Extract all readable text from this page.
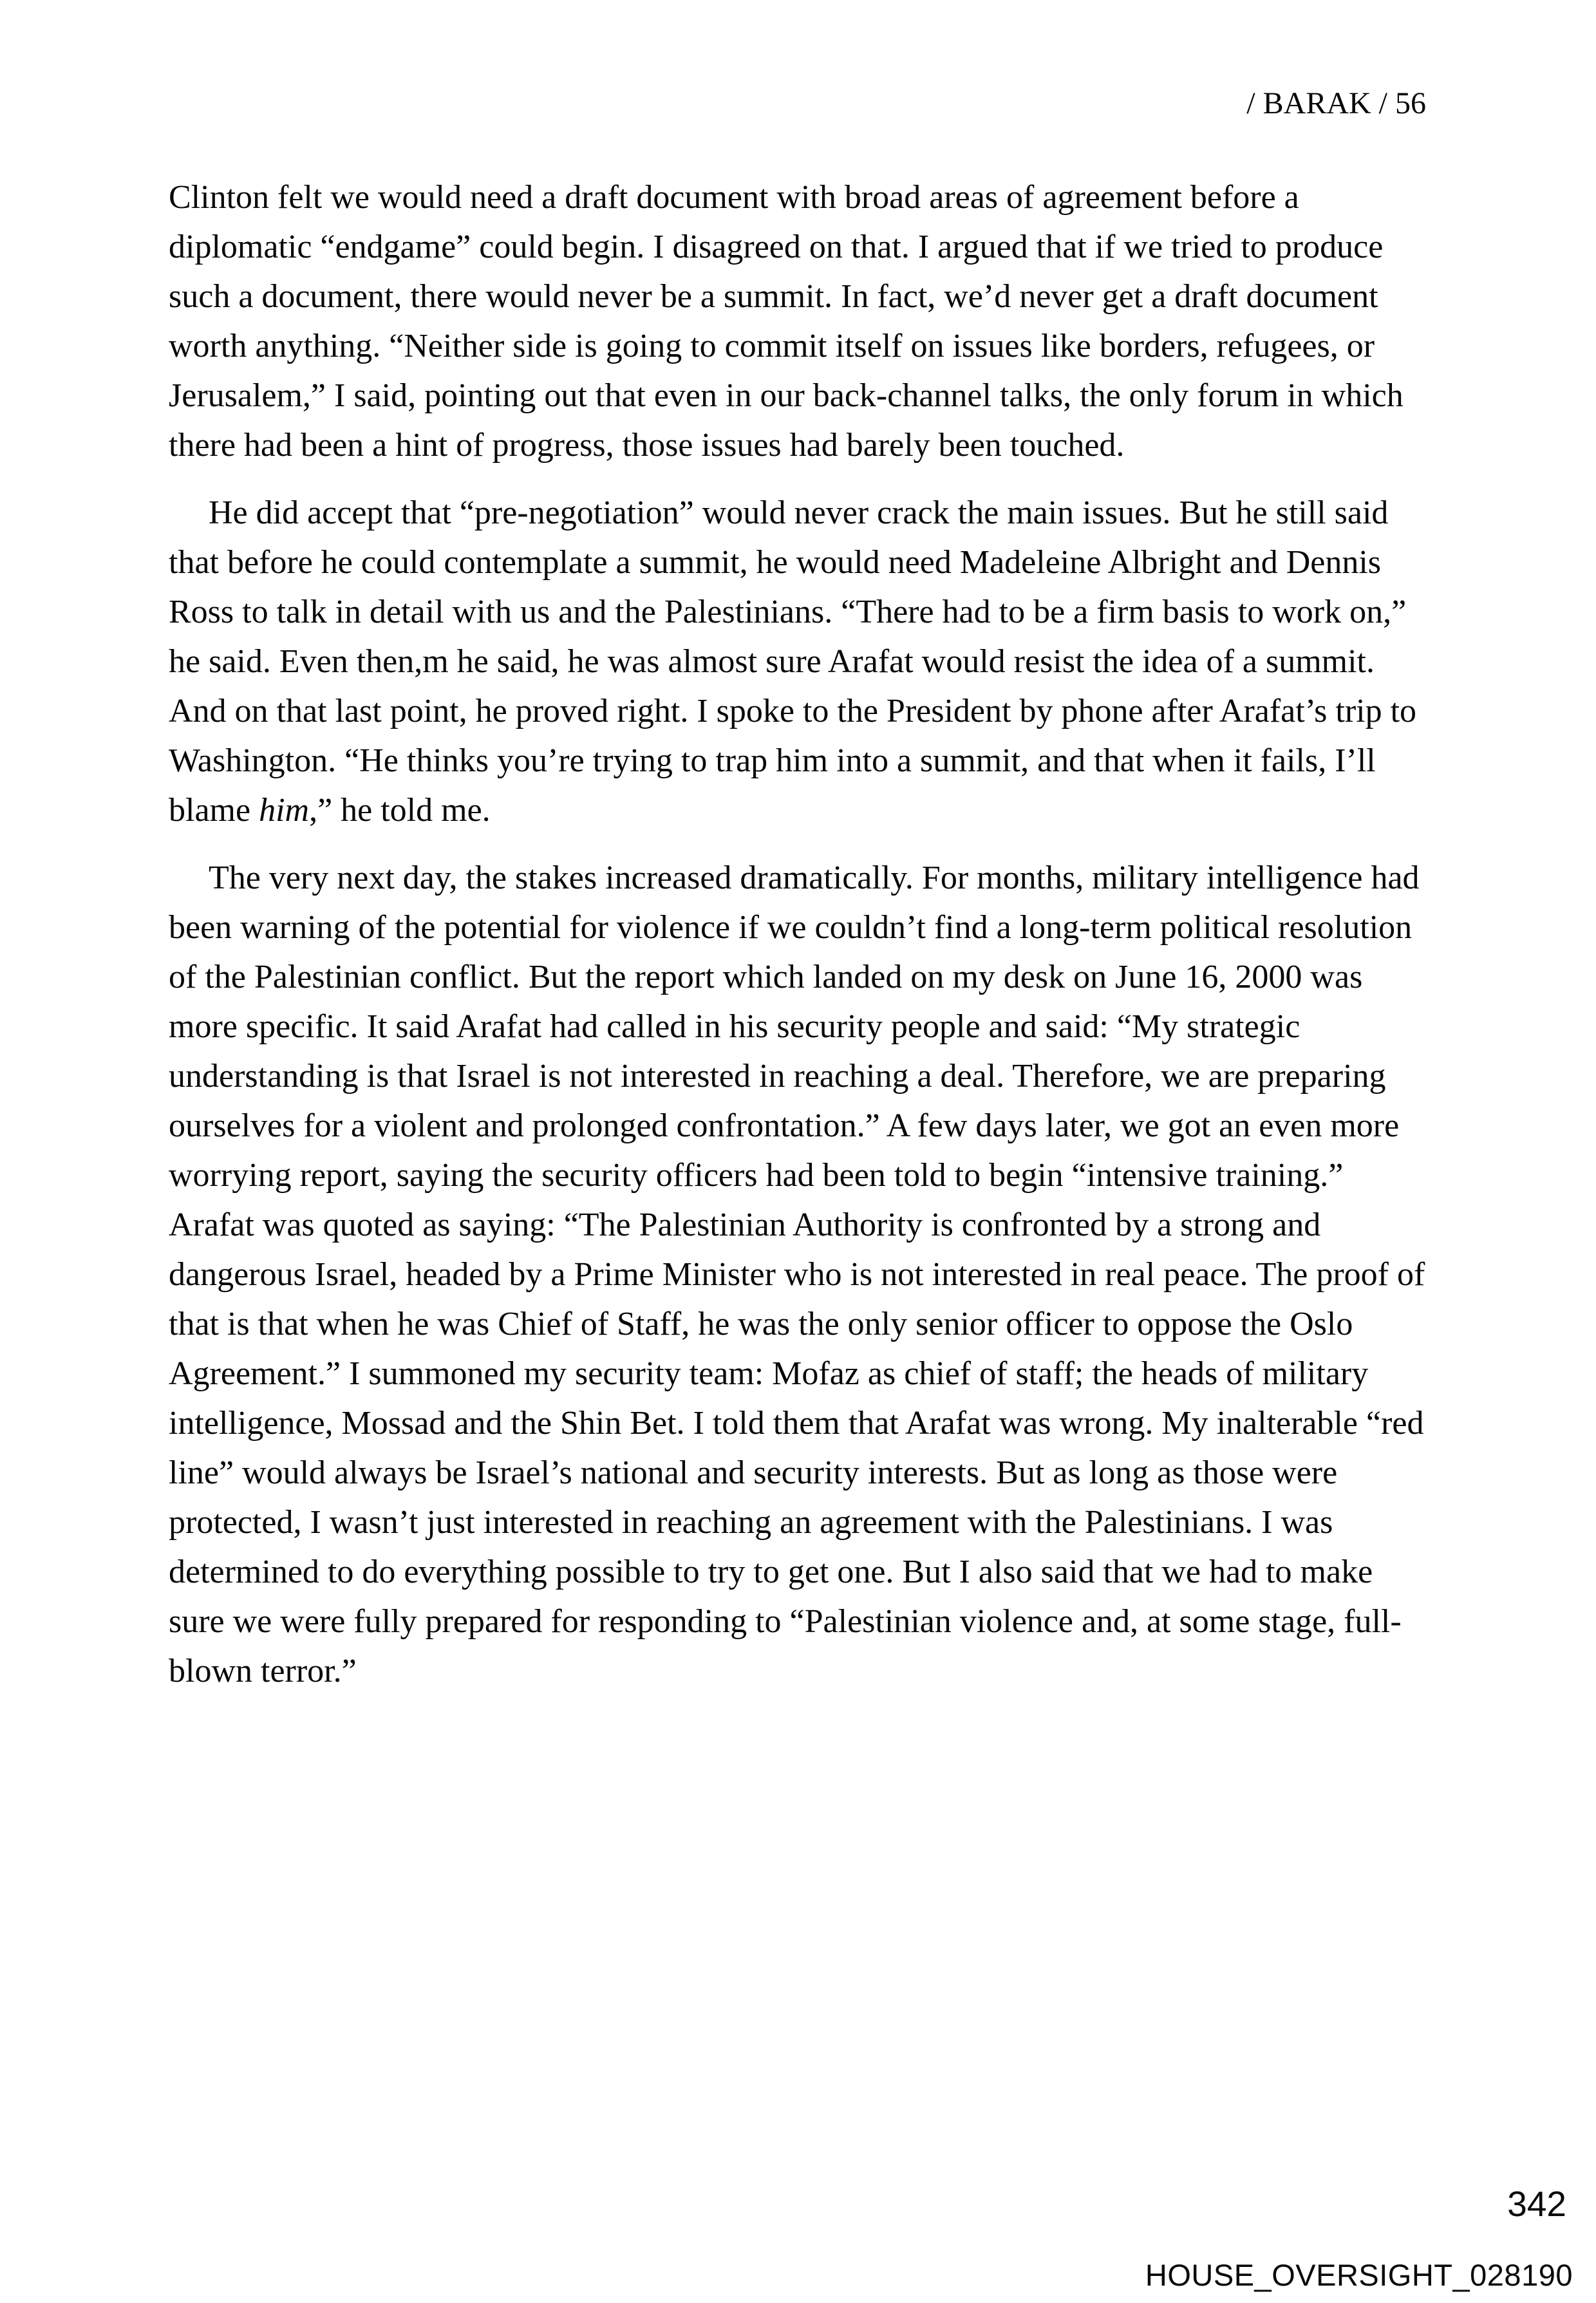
/ BARAK / 56

Clinton felt we would need a draft document with broad areas of agreement before a diplomatic “endgame” could begin. I disagreed on that. I argued that if we tried to produce such a document, there would never be a summit. In fact, we’d never get a draft document worth anything. “Neither side is going to commit itself on issues like borders, refugees, or Jerusalem,” I said, pointing out that even in our back-channel talks, the only forum in which there had been a hint of progress, those issues had barely been touched.

He did accept that “pre-negotiation” would never crack the main issues. But he still said that before he could contemplate a summit, he would need Madeleine Albright and Dennis Ross to talk in detail with us and the Palestinians. “There had to be a firm basis to work on,” he said. Even then,m he said, he was almost sure Arafat would resist the idea of a summit. And on that last point, he proved right. I spoke to the President by phone after Arafat’s trip to Washington. “He thinks you’re trying to trap him into a summit, and that when it fails, I’ll blame him,” he told me.

The very next day, the stakes increased dramatically. For months, military intelligence had been warning of the potential for violence if we couldn’t find a long-term political resolution of the Palestinian conflict. But the report which landed on my desk on June 16, 2000 was more specific. It said Arafat had called in his security people and said: “My strategic understanding is that Israel is not interested in reaching a deal. Therefore, we are preparing ourselves for a violent and prolonged confrontation.” A few days later, we got an even more worrying report, saying the security officers had been told to begin “intensive training.” Arafat was quoted as saying: “The Palestinian Authority is confronted by a strong and dangerous Israel, headed by a Prime Minister who is not interested in real peace. The proof of that is that when he was Chief of Staff, he was the only senior officer to oppose the Oslo Agreement.” I summoned my security team: Mofaz as chief of staff; the heads of military intelligence, Mossad and the Shin Bet. I told them that Arafat was wrong. My inalterable “red line” would always be Israel’s national and security interests. But as long as those were protected, I wasn’t just interested in reaching an agreement with the Palestinians. I was determined to do everything possible to try to get one. But I also said that we had to make sure we were fully prepared for responding to “Palestinian violence and, at some stage, full-blown terror.”

342
HOUSE_OVERSIGHT_028190
